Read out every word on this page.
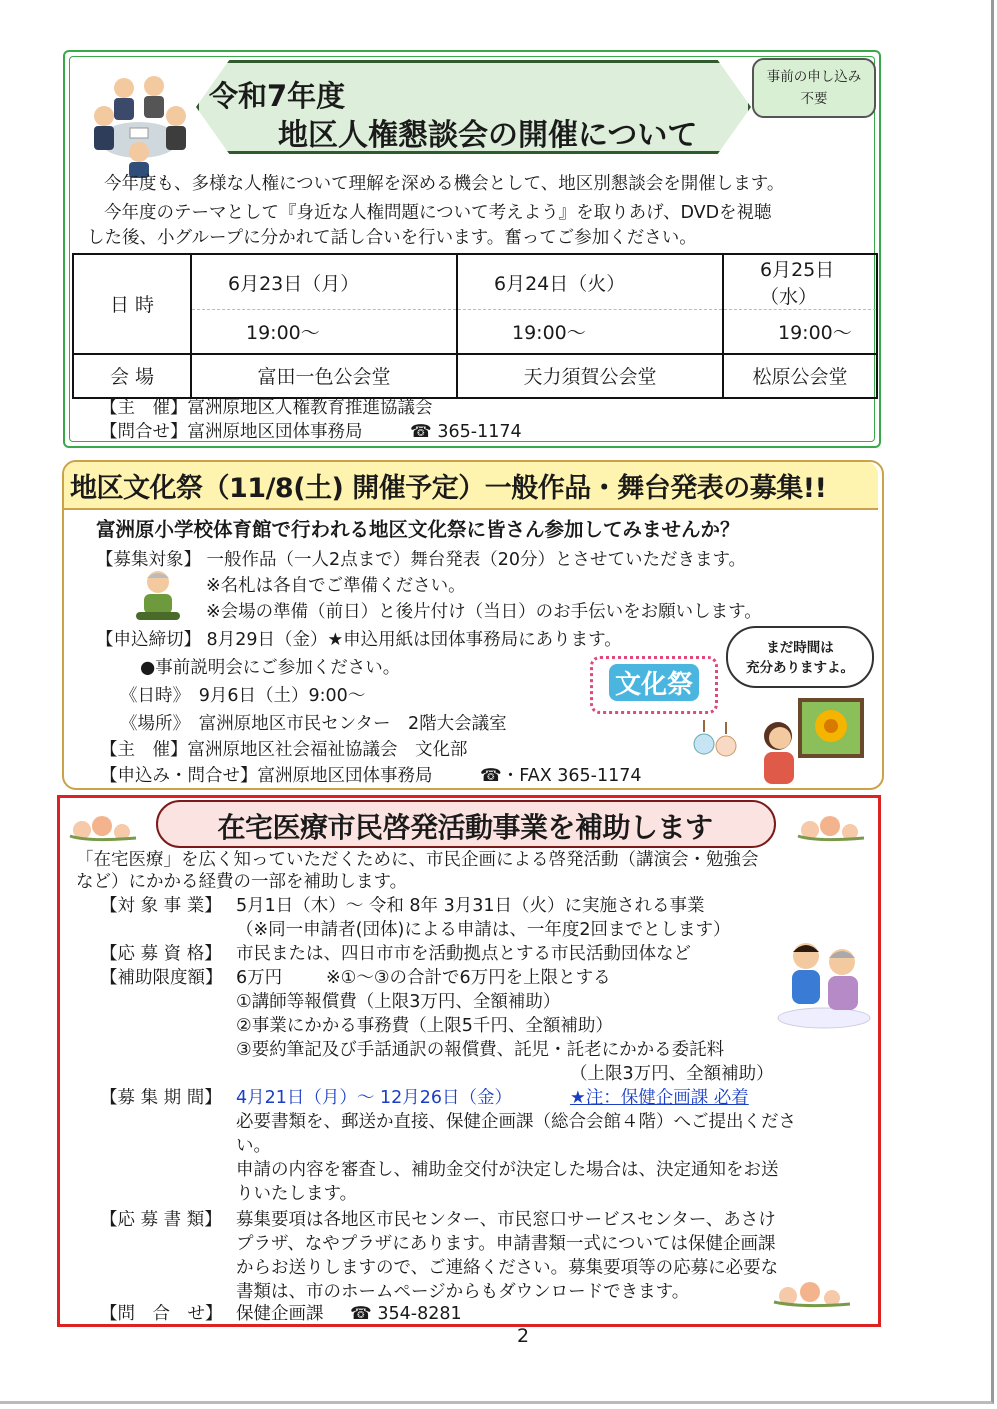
令和7年度
地区人権懇談会の開催について
事前の申し込み
不要
今年度も、多様な人権について理解を深める機会として、地区別懇談会を開催します。
今年度のテーマとして『身近な人権問題について考えよう』を取りあげ、DVDを視聴
した後、小グループに分かれて話し合いを行います。奮ってご参加ください。
日 時	6月23日（月）	6月24日（火）	6月25日（水）
	19:00～	19:00～	19:00～
会 場	富田一色公会堂	天力須賀公会堂	松原公会堂
【主　催】富洲原地区人権教育推進協議会
【問合せ】富洲原地区団体事務局	☎ 365-1174
地区文化祭（11/8(土) 開催予定）一般作品・舞台発表の募集!!
富洲原小学校体育館で行われる地区文化祭に皆さん参加してみませんか？
【募集対象】 一般作品（一人2点まで）舞台発表（20分）とさせていただきます。
※名札は各自でご準備ください。
※会場の準備（前日）と後片付け（当日）のお手伝いをお願いします。
【申込締切】 8月29日（金）★申込用紙は団体事務局にあります。
●事前説明会にご参加ください。
《日時》　9月6日（土）9:00～
《場所》　富洲原地区市民センター　2階大会議室
【主　催】富洲原地区社会福祉協議会　文化部
【申込み・問合せ】富洲原地区団体事務局	☎・FAX 365-1174
まだ時間は
充分ありますよ。
文化祭
在宅医療市民啓発活動事業を補助します
「在宅医療」を広く知っていただくために、市民企画による啓発活動（講演会・勉強会
など）にかかる経費の一部を補助します。
【対 象 事 業】 5月1日（木）～ 令和 8年 3月31日（火）に実施される事業
（※同一申請者(団体)による申請は、一年度2回までとします）
【応 募 資 格】 市民または、四日市市を活動拠点とする市民活動団体など
【補助限度額】 6万円	※①～③の合計で6万円を上限とする
①講師等報償費（上限3万円、全額補助）
②事業にかかる事務費（上限5千円、全額補助）
③要約筆記及び手話通訳の報償費、託児・託老にかかる委託料
（上限3万円、全額補助）
【募 集 期 間】 4月21日（月）～ 12月26日（金）	★注：保健企画課 必着
必要書類を、郵送か直接、保健企画課（総合会館４階）へご提出くださ
い。
申請の内容を審査し、補助金交付が決定した場合は、決定通知をお送
りいたします。
【応 募 書 類】 募集要項は各地区市民センター、市民窓口サービスセンター、あさけ
プラザ、なやプラザにあります。申請書類一式については保健企画課
からお送りしますので、ご連絡ください。募集要項等の応募に必要な
書類は、市のホームページからもダウンロードできます。
【問　合　せ】 保健企画課 ☎ 354-8281
2
